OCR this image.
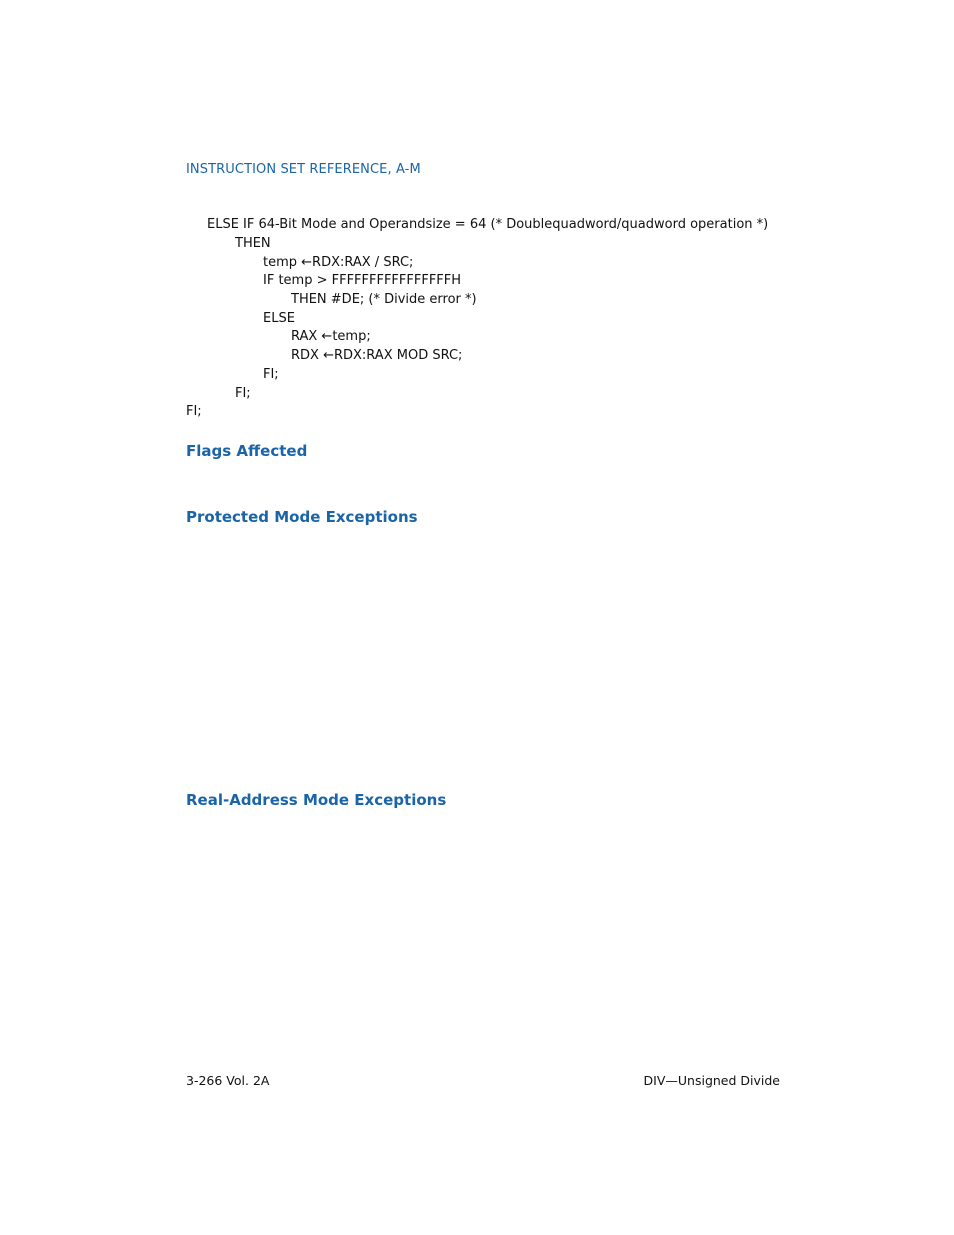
INSTRUCTION SET REFERENCE, A-M
ELSE IF 64-Bit Mode and Operandsize = 64 (* Doublequadword/quadword operation *)
THEN
temp ←RDX:RAX / SRC;
IF temp > FFFFFFFFFFFFFFFFH
THEN #DE; (* Divide error *)
ELSE
RAX ←temp;
RDX ←RDX:RAX MOD SRC;
FI;
FI;
FI;
Flags Affected
Protected Mode Exceptions
Real-Address Mode Exceptions
3-266 Vol. 2A	DIV—Unsigned Divide
